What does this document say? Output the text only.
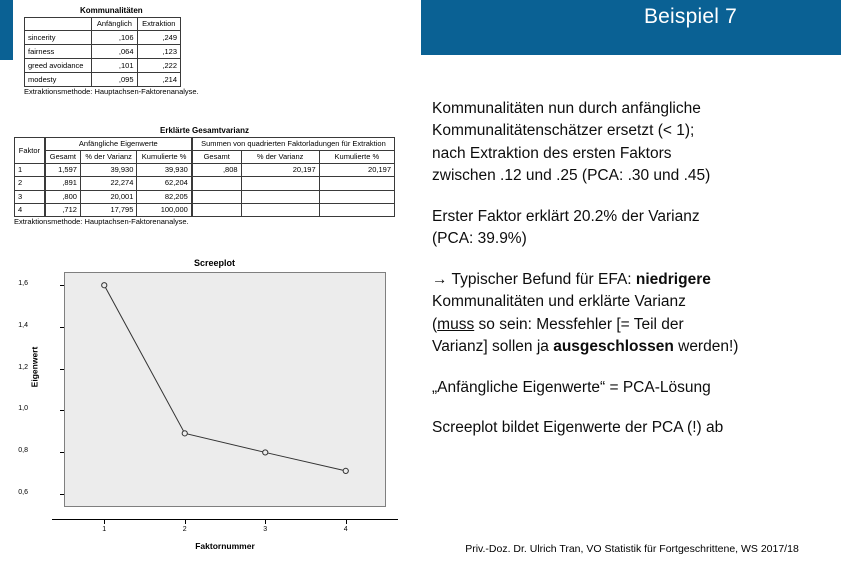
Beispiel 7
Kommunalitäten
	Anfänglich	Extraktion
sincerity	,106	,249
fairness	,064	,123
greed avoidance	,101	,222
modesty	,095	,214
Extraktionsmethode: Hauptachsen-Faktorenanalyse.
Erklärte Gesamtvarianz
Faktor	Anfängliche Eigenwerte			Summen von quadrierten Faktorladungen für Extraktion		
	Gesamt	% der Varianz	Kumulierte %	Gesamt	% der Varianz	Kumulierte %
1	1,597	39,930	39,930	,808	20,197	20,197
2	,891	22,274	62,204			
3	,800	20,001	82,205			
4	,712	17,795	100,000			
Extraktionsmethode: Hauptachsen-Faktorenanalyse.
Screeplot
Eigenwert
Faktornummer
0,6
0,8
1,0
1,2
1,4
1,6
1	2	3	4

Kommunalitäten nun durch anfängliche
Kommunalitätenschätzer ersetzt (< 1);
nach Extraktion des ersten Faktors
zwischen .12 und .25 (PCA: .30 und .45)

Erster Faktor erklärt 20.2% der Varianz
(PCA: 39.9%)

→ Typischer Befund für EFA: niedrigere
Kommunalitäten und erklärte Varianz
(muss so sein: Messfehler [= Teil der
Varianz] sollen ja ausgeschlossen werden!)

„Anfängliche Eigenwerte“ = PCA-Lösung

Screeplot bildet Eigenwerte der PCA (!) ab

Priv.-Doz. Dr. Ulrich Tran, VO Statistik für Fortgeschrittene, WS 2017/18
